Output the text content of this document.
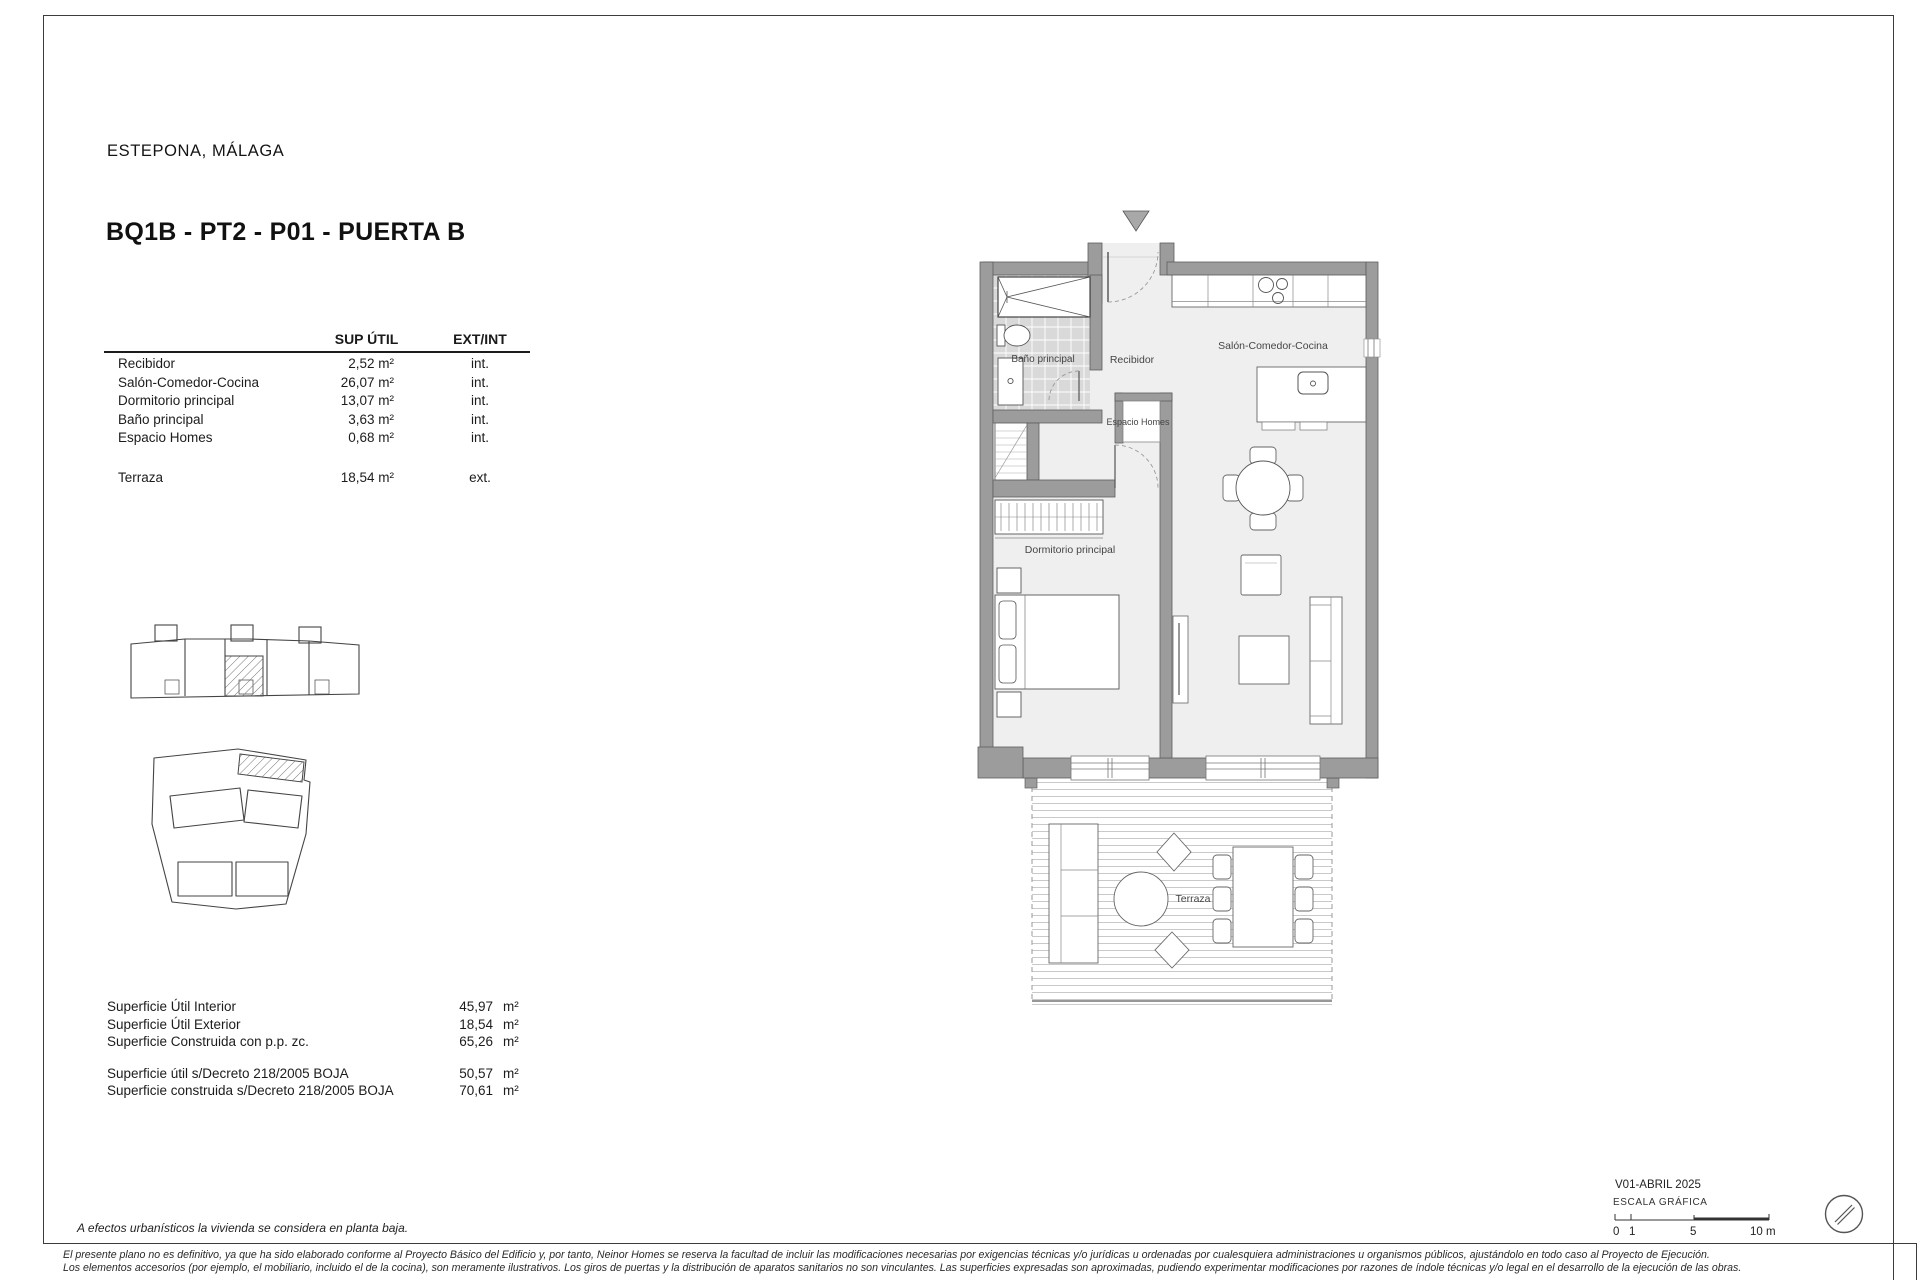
ESTEPONA, MÁLAGA
BQ1B - PT2 - P01 - PUERTA B
SUP ÚTIL	EXT/INT
Recibidor	2,52 m²	int.
Salón-Comedor-Cocina	26,07 m²	int.
Dormitorio principal	13,07 m²	int.
Baño principal	3,63 m²	int.
Espacio Homes	0,68 m²	int.
Terraza	18,54 m²	ext.
Superficie Útil Interior	45,97 m²
Superficie Útil Exterior	18,54 m²
Superficie Construida con p.p. zc.	65,26 m²
Superficie útil s/Decreto 218/2005 BOJA	50,57 m²
Superficie construida s/Decreto 218/2005 BOJA	70,61 m²
A efectos urbanísticos la vivienda se considera en planta baja.
Baño principal	Recibidor
Salón-Comedor-Cocina
Espacio Homes
Dormitorio principal
Terraza
V01-ABRIL 2025
ESCALA GRÁFICA
0 1	5	10 m
El presente plano no es definitivo, ya que ha sido elaborado conforme al Proyecto Básico del Edificio y, por tanto, Neinor Homes se reserva la facultad de incluir las modificaciones necesarias por exigencias técnicas y/o jurídicas u ordenadas por cualesquiera administraciones u organismos públicos, ajustándolo en todo caso al Proyecto de Ejecución.
Los elementos accesorios (por ejemplo, el mobiliario, incluido el de la cocina), son meramente ilustrativos. Los giros de puertas y la distribución de aparatos sanitarios no son vinculantes. Las superficies expresadas son aproximadas, pudiendo experimentar modificaciones por razones de índole técnicas y/o legal en el desarrollo de la ejecución de las obras.
